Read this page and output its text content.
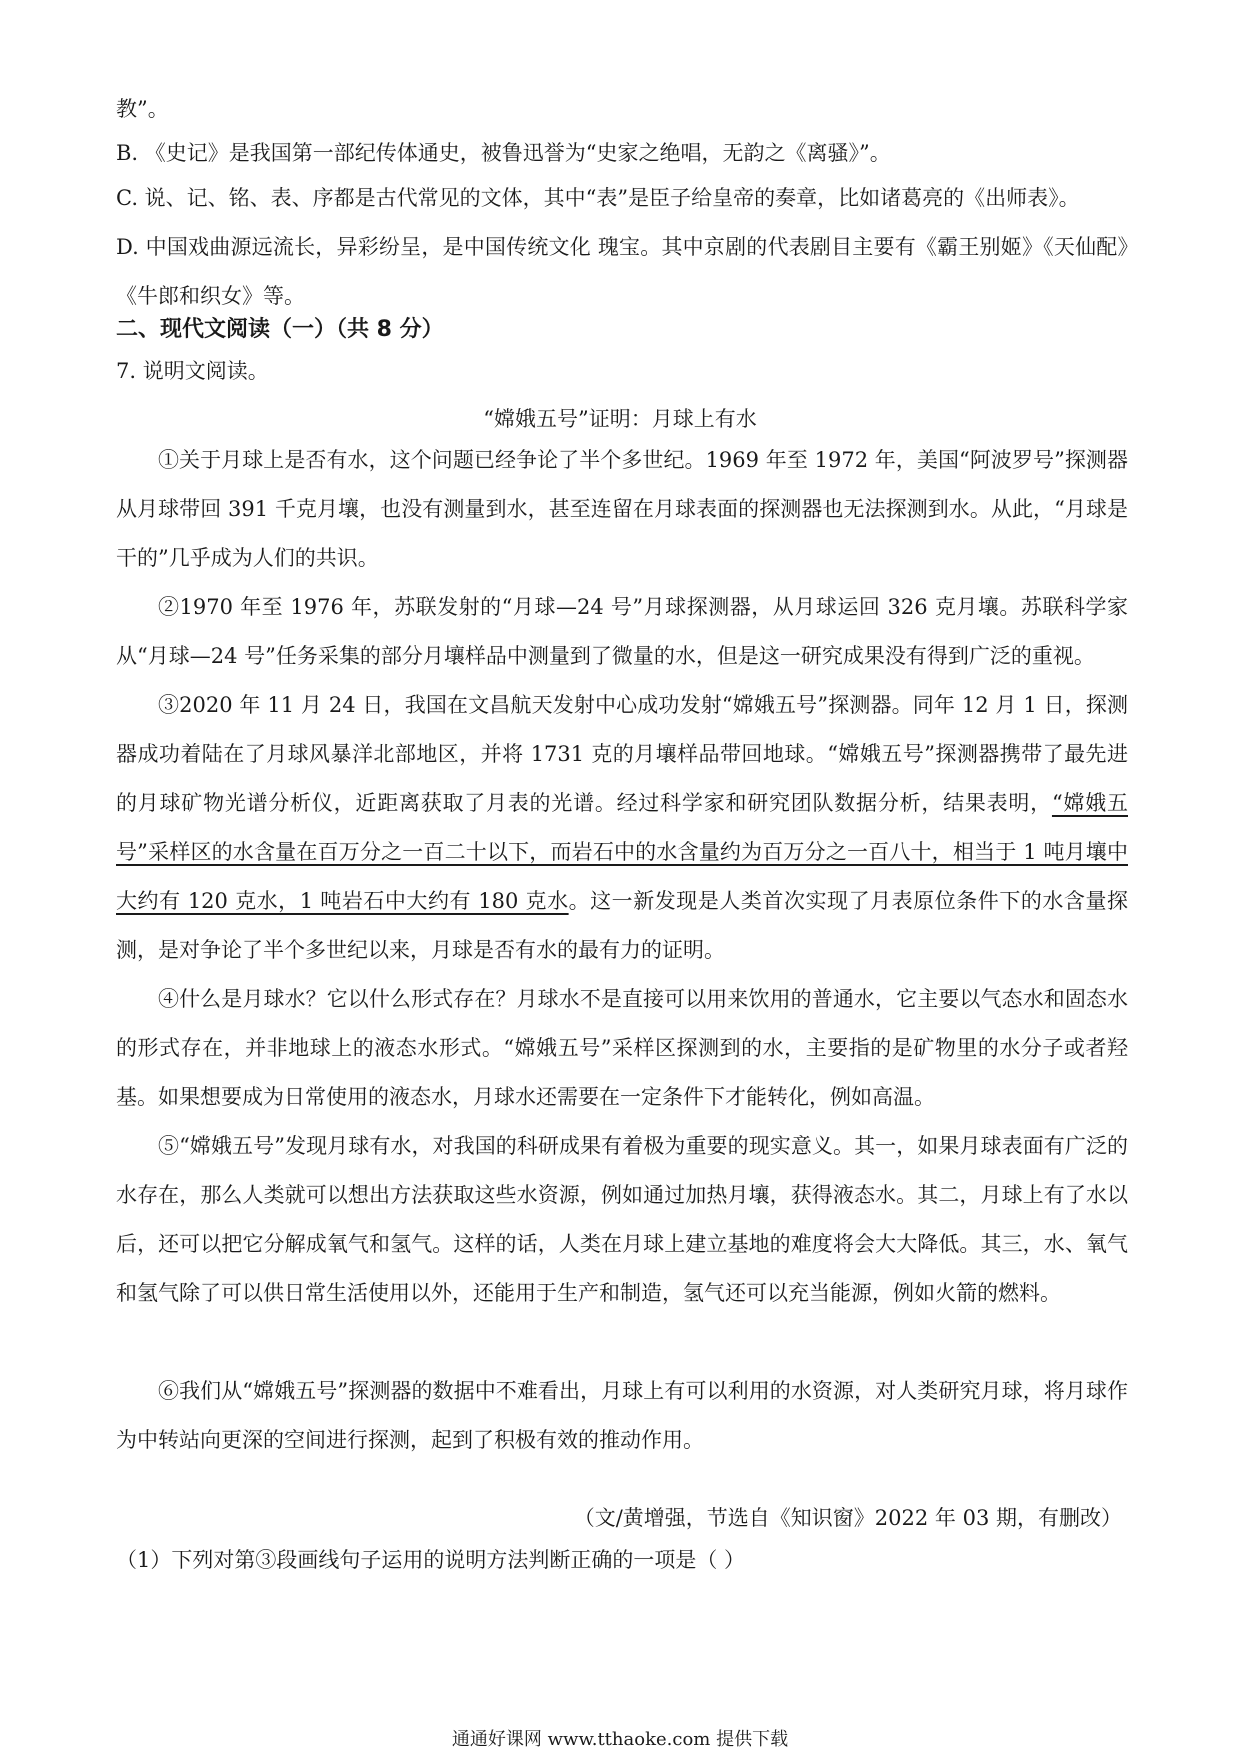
教”。
B. 《史记》是我国第一部纪传体通史，被鲁迅誉为“史家之绝唱，无韵之《离骚》”。
C. 说、记、铭、表、序都是古代常见的文体，其中“表”是臣子给皇帝的奏章，比如诸葛亮的《出师表》。
D. 中国戏曲源远流长，异彩纷呈，是中国传统文化 瑰宝。其中京剧的代表剧目主要有《霸王别姬》《天仙配》《牛郎和织女》等。
二、现代文阅读（一）（共 8 分）
7. 说明文阅读。
“嫦娥五号”证明：月球上有水
①关于月球上是否有水，这个问题已经争论了半个多世纪。1969 年至 1972 年，美国“阿波罗号”探测器从月球带回 391 千克月壤，也没有测量到水，甚至连留在月球表面的探测器也无法探测到水。从此，“月球是干的”几乎成为人们的共识。
②1970 年至 1976 年，苏联发射的“月球—24 号”月球探测器，从月球运回 326 克月壤。苏联科学家从“月球—24 号”任务采集的部分月壤样品中测量到了微量的水，但是这一研究成果没有得到广泛的重视。
③2020 年 11 月 24 日，我国在文昌航天发射中心成功发射“嫦娥五号”探测器。同年 12 月 1 日，探测器成功着陆在了月球风暴洋北部地区，并将 1731 克的月壤样品带回地球。“嫦娥五号”探测器携带了最先进的月球矿物光谱分析仪，近距离获取了月表的光谱。经过科学家和研究团队数据分析，结果表明，“嫦娥五号”采样区的水含量在百万分之一百二十以下，而岩石中的水含量约为百万分之一百八十，相当于 1 吨月壤中大约有 120 克水，1 吨岩石中大约有 180 克水。这一新发现是人类首次实现了月表原位条件下的水含量探测，是对争论了半个多世纪以来，月球是否有水的最有力的证明。
④什么是月球水？它以什么形式存在？月球水不是直接可以用来饮用的普通水，它主要以气态水和固态水的形式存在，并非地球上的液态水形式。“嫦娥五号”采样区探测到的水，主要指的是矿物里的水分子或者羟基。如果想要成为日常使用的液态水，月球水还需要在一定条件下才能转化，例如高温。
⑤“嫦娥五号”发现月球有水，对我国的科研成果有着极为重要的现实意义。其一，如果月球表面有广泛的水存在，那么人类就可以想出方法获取这些水资源，例如通过加热月壤，获得液态水。其二，月球上有了水以后，还可以把它分解成氧气和氢气。这样的话，人类在月球上建立基地的难度将会大大降低。其三，水、氧气和氢气除了可以供日常生活使用以外，还能用于生产和制造，氢气还可以充当能源，例如火箭的燃料。
⑥我们从“嫦娥五号”探测器的数据中不难看出，月球上有可以利用的水资源，对人类研究月球，将月球作为中转站向更深的空间进行探测，起到了积极有效的推动作用。
（文/黄增强，节选自《知识窗》2022 年 03 期，有删改）
（1）下列对第③段画线句子运用的说明方法判断正确的一项是（ ）
通通好课网 www.tthaoke.com 提供下载
